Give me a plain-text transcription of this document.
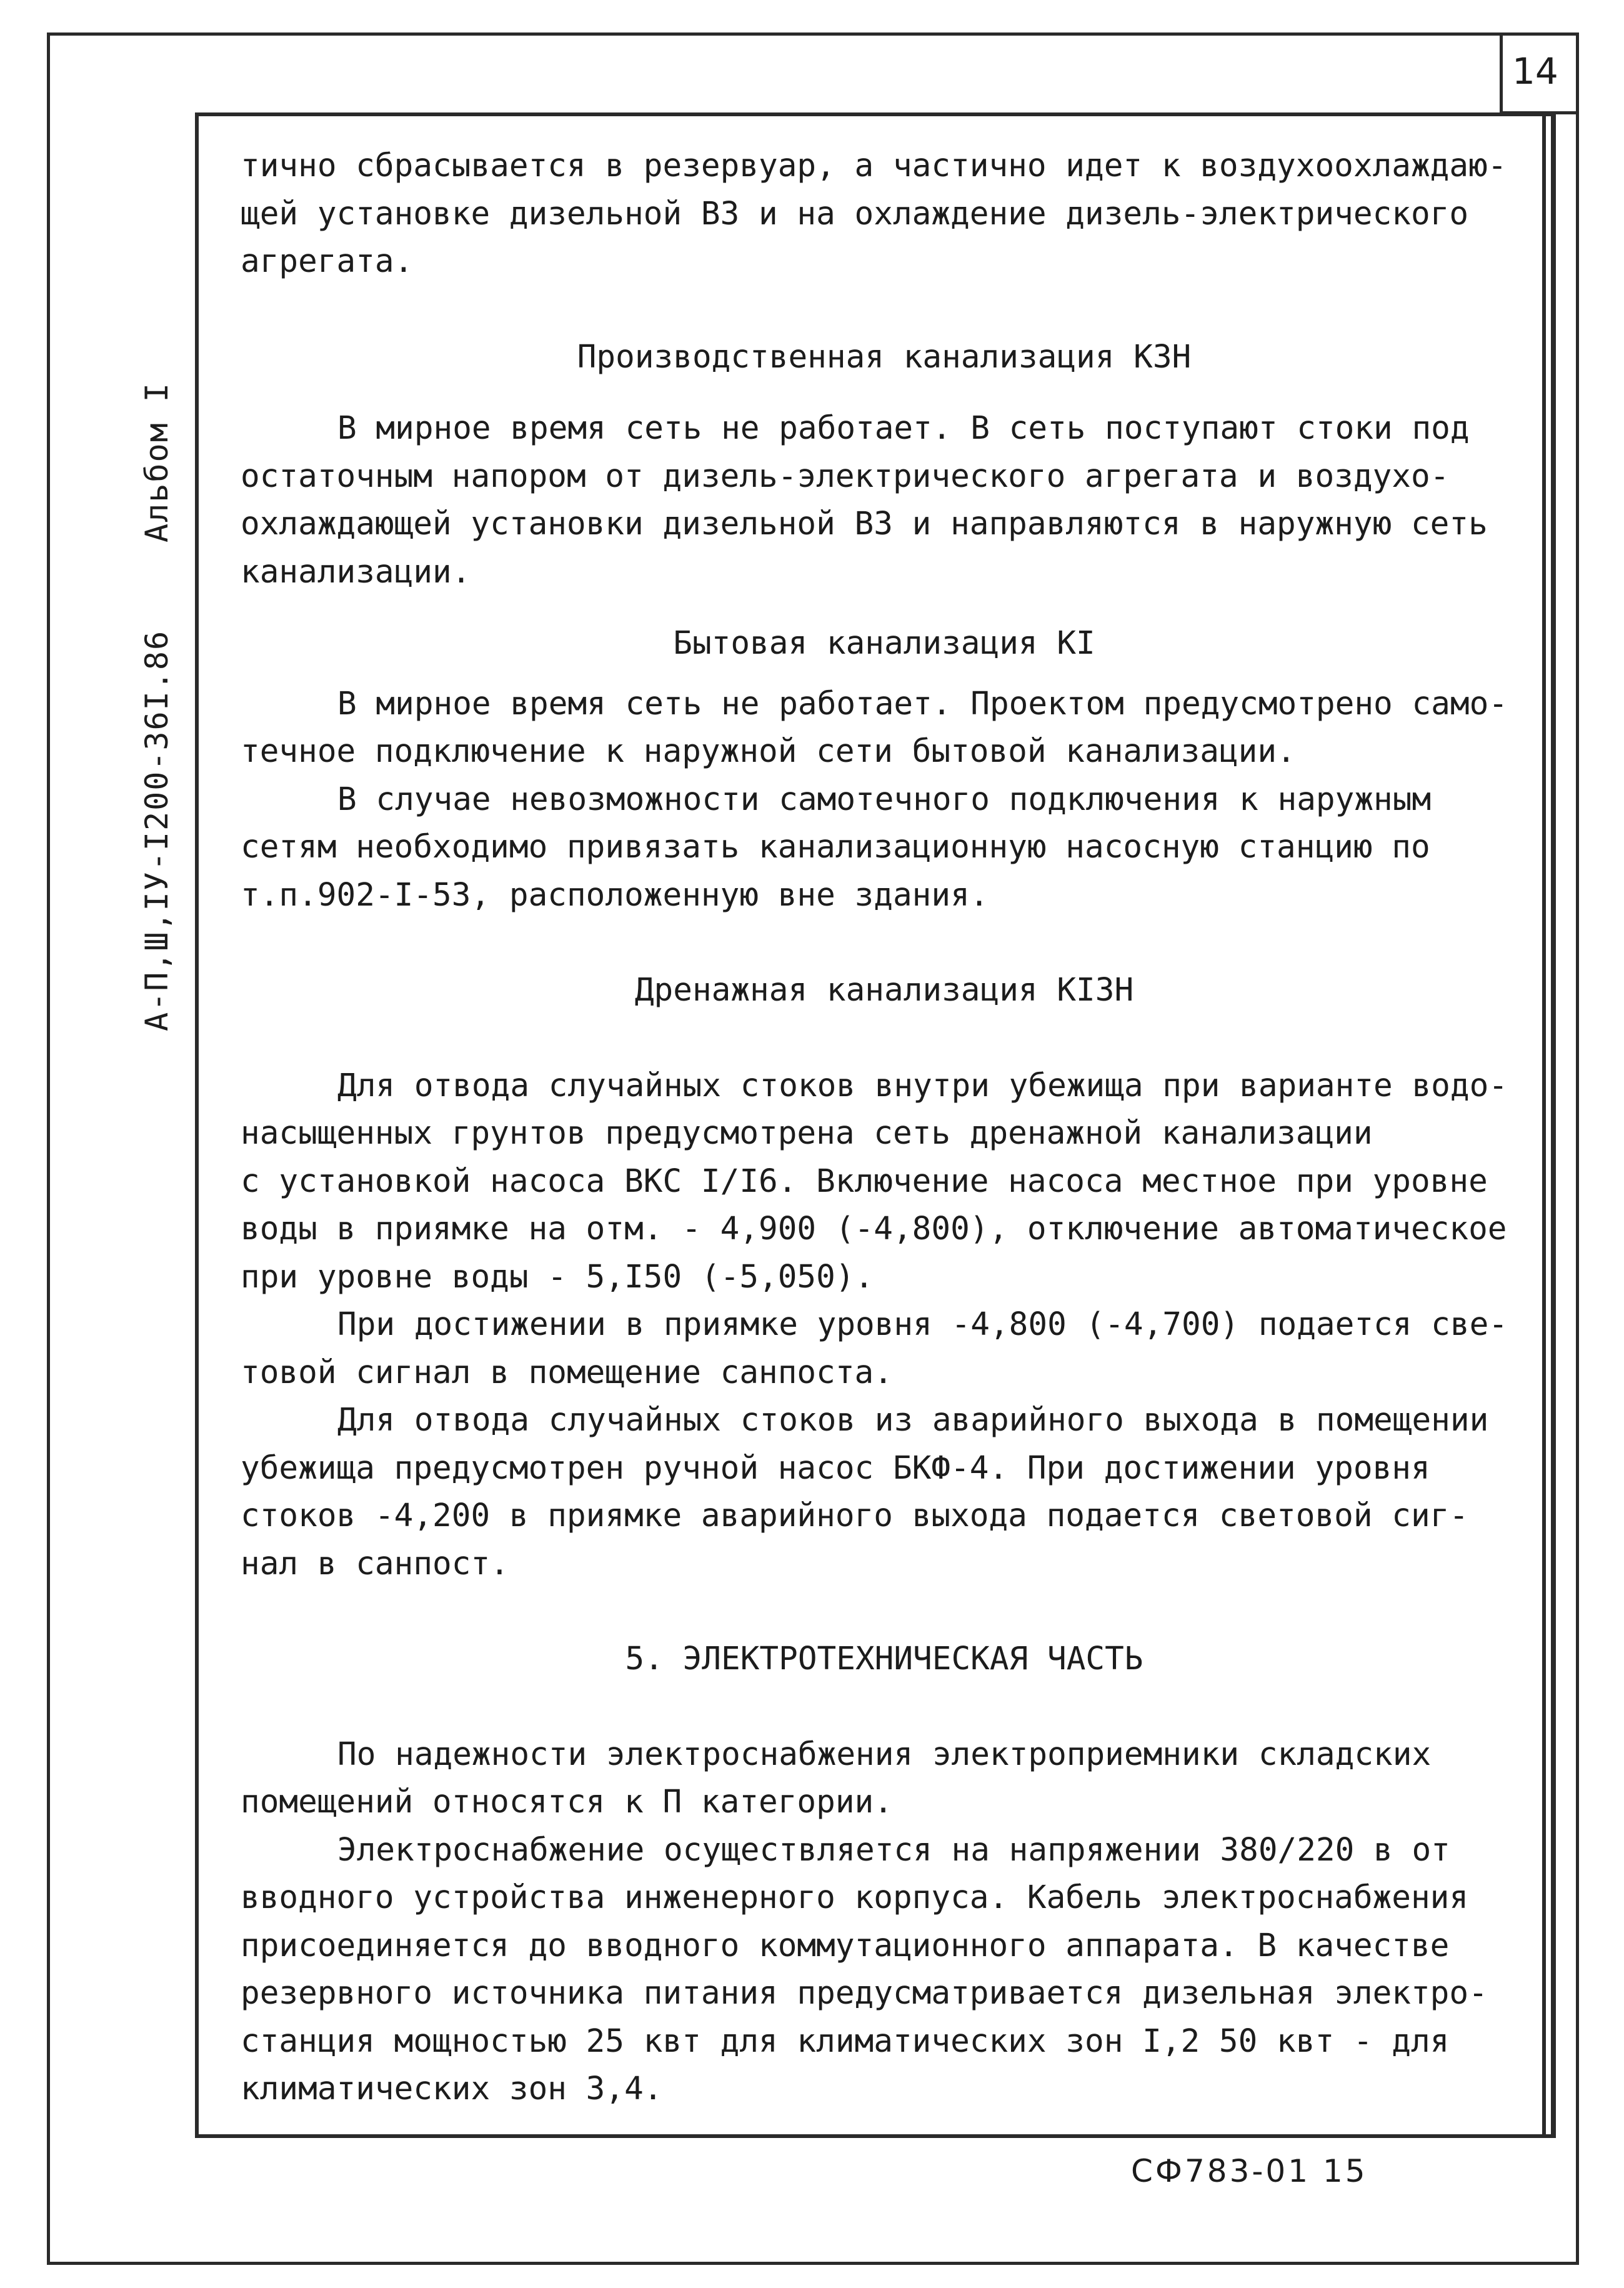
14
А-П,Ш,IУ-I200-36I.86Альбом I
тично сбрасывается в резервуар, а частично идет к воздухоохлаждаю-
щей установке дизельной ВЗ и на охлаждение дизель-электрического
агрегата.
Производственная канализация КЗН
В мирное время сеть не работает. В сеть поступают стоки под
остаточным напором от дизель-электрического агрегата и воздухо-
охлаждающей установки дизельной ВЗ и направляются в наружную сеть
канализации.
Бытовая канализация КI
В мирное время сеть не работает. Проектом предусмотрено само-
течное подключение к наружной сети бытовой канализации.
В случае невозможности самотечного подключения к наружным
сетям необходимо привязать канализационную насосную станцию по
т.п.902-I-53, расположенную вне здания.
Дренажная канализация КI3Н
Для отвода случайных стоков внутри убежища при варианте водо-
насыщенных грунтов предусмотрена сеть дренажной канализации
с установкой насоса ВКС I/I6. Включение насоса местное при уровне
воды в приямке на отм. - 4,900 (-4,800), отключение автоматическое
при уровне воды - 5,I50 (-5,050).
При достижении в приямке уровня -4,800 (-4,700) подается све-
товой сигнал в помещение санпоста.
Для отвода случайных стоков из аварийного выхода в помещении
убежища предусмотрен ручной насос БКФ-4. При достижении уровня
стоков -4,200 в приямке аварийного выхода подается световой сиг-
нал в санпост.
5. ЭЛЕКТРОТЕХНИЧЕСКАЯ ЧАСТЬ
По надежности электроснабжения электроприемники складских
помещений относятся к П категории.
Электроснабжение осуществляется на напряжении 380/220 в от
вводного устройства инженерного корпуса. Кабель электроснабжения
присоединяется до вводного коммутационного аппарата. В качестве
резервного источника питания предусматривается дизельная электро-
станция мощностью 25 квт для климатических зон I,2 50 квт - для
климатических зон 3,4.
СФ783-01 15
